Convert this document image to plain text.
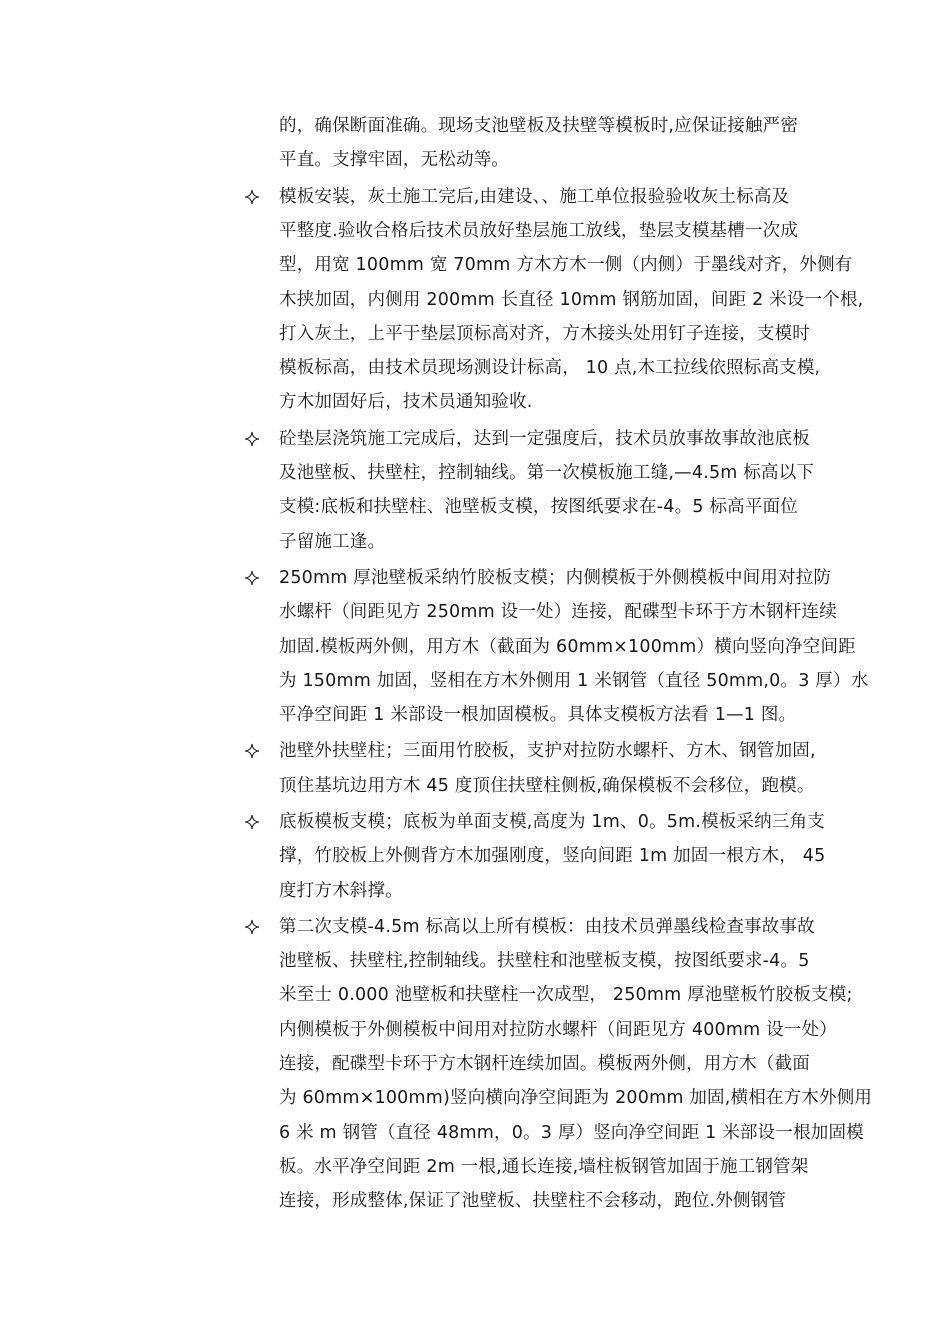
的，确保断面准确。现场支池壁板及扶壁等模板时,应保证接触严密
平直。支撑牢固，无松动等。
模板安装，灰土施工完后,由建设、、施工单位报验验收灰土标高及
平整度.验收合格后技术员放好垫层施工放线，垫层支模基槽一次成
型，用宽 100mm 宽 70mm 方木方木一侧（内侧）于墨线对齐，外侧有
木挟加固，内侧用 200mm 长直径 10mm 钢筋加固，间距 2 米设一个根,
打入灰土，上平于垫层顶标高对齐，方木接头处用钉子连接，支模时
模板标高，由技术员现场测设计标高， 10 点,木工拉线依照标高支模,
方木加固好后，技术员通知验收.
砼垫层浇筑施工完成后，达到一定强度后，技术员放事故事故池底板
及池壁板、扶壁柱，控制轴线。第一次模板施工缝,—4.5m 标高以下
支模:底板和扶壁柱、池壁板支模，按图纸要求在-4。5 标高平面位
子留施工逢。
250mm 厚池壁板采纳竹胶板支模；内侧模板于外侧模板中间用对拉防
水螺杆（间距见方 250mm 设一处）连接，配碟型卡环于方木钢杆连续
加固.模板两外侧，用方木（截面为 60mm×100mm）横向竖向净空间距
为 150mm 加固，竖相在方木外侧用 1 米钢管（直径 50mm,0。3 厚）水
平净空间距 1 米部设一根加固模板。具体支模板方法看 1—1 图。
池壁外扶壁柱；三面用竹胶板，支护对拉防水螺杆、方木、钢管加固,
顶住基坑边用方木 45 度顶住扶壁柱侧板,确保模板不会移位，跑模。
底板模板支模；底板为单面支模,高度为 1m、0。5m.模板采纳三角支
撑，竹胶板上外侧背方木加强刚度，竖向间距 1m 加固一根方木， 45
度打方木斜撑。
第二次支模-4.5m 标高以上所有模板：由技术员弹墨线检查事故事故
池壁板、扶壁柱,控制轴线。扶壁柱和池壁板支模，按图纸要求-4。5
米至士 0.000 池壁板和扶壁柱一次成型， 250mm 厚池壁板竹胶板支模;
内侧模板于外侧模板中间用对拉防水螺杆（间距见方 400mm 设一处）
连接，配碟型卡环于方木钢杆连续加固。模板两外侧，用方木（截面
为 60mm×100mm)竖向横向净空间距为 200mm 加固,横相在方木外侧用
6 米 m 钢管（直径 48mm，0。3 厚）竖向净空间距 1 米部设一根加固模
板。水平净空间距 2m 一根,通长连接,墙柱板钢管加固于施工钢管架
连接，形成整体,保证了池壁板、扶壁柱不会移动，跑位.外侧钢管
